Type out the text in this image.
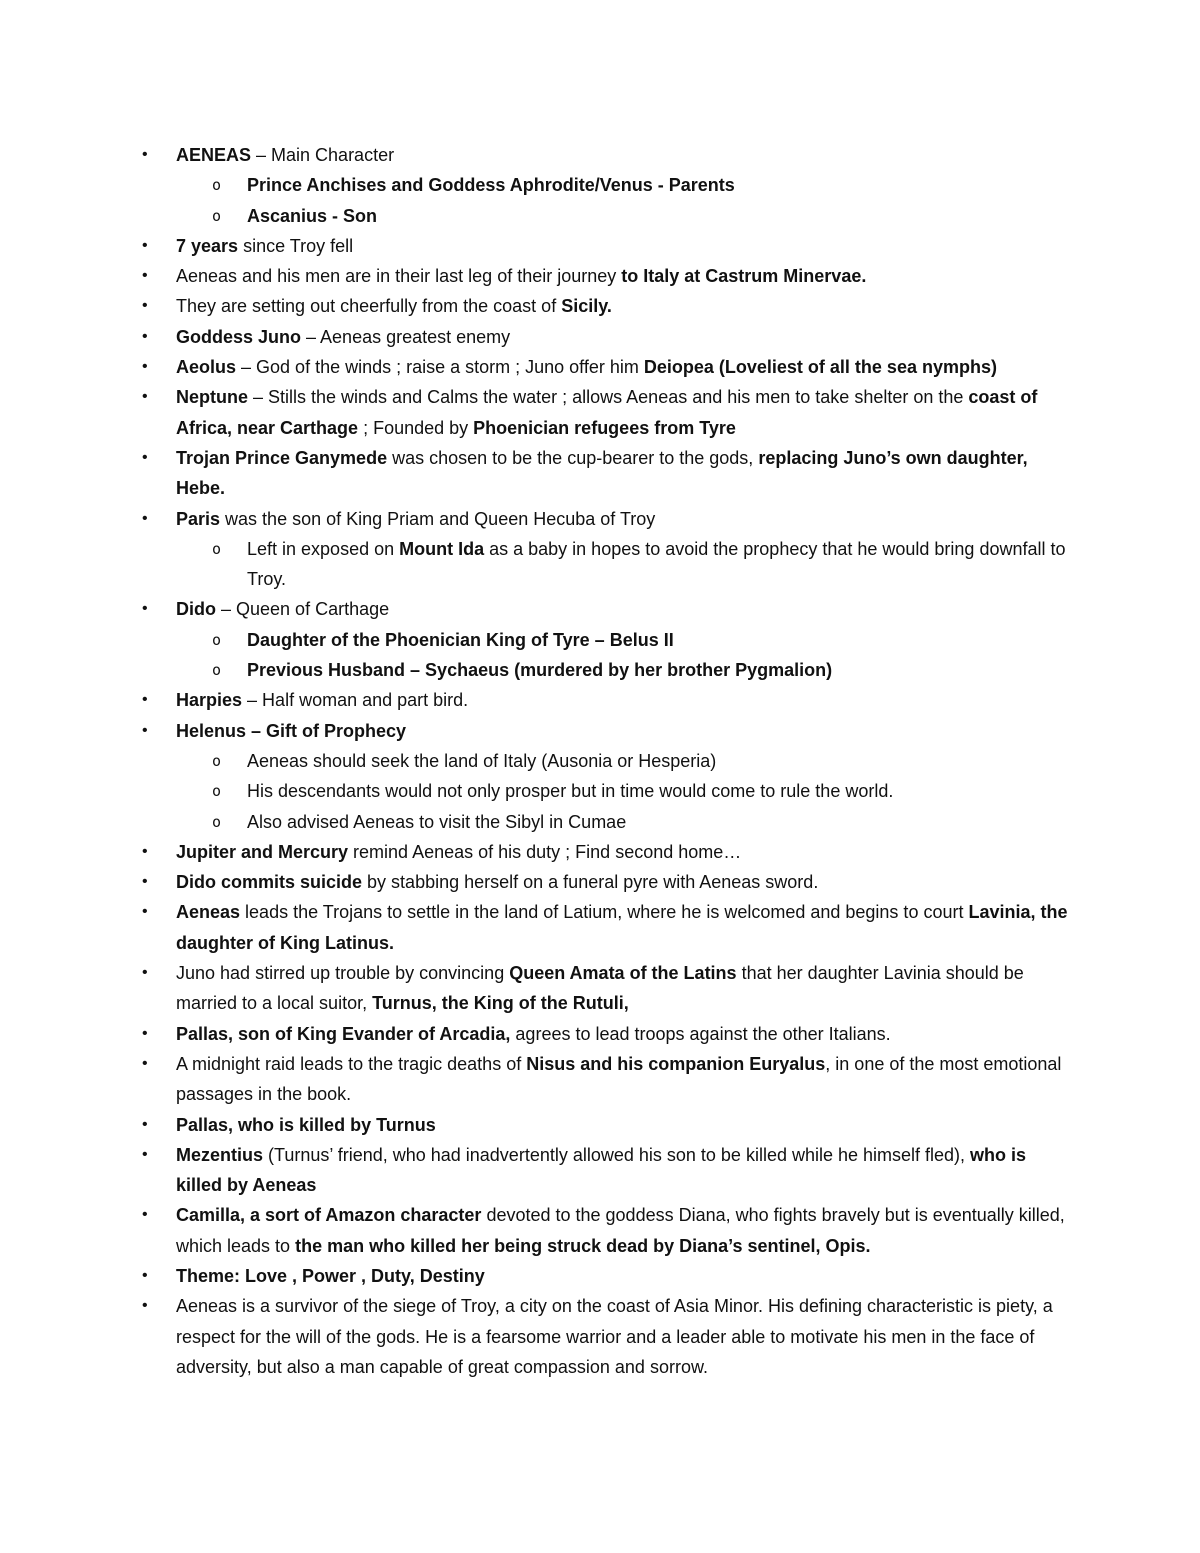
• AENEAS – Main Character
o Prince Anchises and Goddess Aphrodite/Venus - Parents
o Ascanius - Son
• 7 years since Troy fell
• Aeneas and his men are in their last leg of their journey to Italy at Castrum Minervae.
• They are setting out cheerfully from the coast of Sicily.
• Goddess Juno – Aeneas greatest enemy
• Aeolus – God of the winds ; raise a storm ; Juno offer him Deiopea (Loveliest of all the sea nymphs)
• Neptune – Stills the winds and Calms the water ; allows Aeneas and his men to take shelter on the coast of Africa, near Carthage ; Founded by Phoenician refugees from Tyre
• Trojan Prince Ganymede was chosen to be the cup-bearer to the gods, replacing Juno’s own daughter, Hebe.
• Paris was the son of King Priam and Queen Hecuba of Troy
o Left in exposed on Mount Ida as a baby in hopes to avoid the prophecy that he would bring downfall to Troy.
• Dido – Queen of Carthage
o Daughter of the Phoenician King of Tyre – Belus II
o Previous Husband – Sychaeus (murdered by her brother Pygmalion)
• Harpies – Half woman and part bird.
• Helenus – Gift of Prophecy
o Aeneas should seek the land of Italy (Ausonia or Hesperia)
o His descendants would not only prosper but in time would come to rule the world.
o Also advised Aeneas to visit the Sibyl in Cumae
• Jupiter and Mercury remind Aeneas of his duty ; Find second home…
• Dido commits suicide by stabbing herself on a funeral pyre with Aeneas sword.
• Aeneas leads the Trojans to settle in the land of Latium, where he is welcomed and begins to court Lavinia, the daughter of King Latinus.
• Juno had stirred up trouble by convincing Queen Amata of the Latins that her daughter Lavinia should be married to a local suitor, Turnus, the King of the Rutuli,
• Pallas, son of King Evander of Arcadia, agrees to lead troops against the other Italians.
• A midnight raid leads to the tragic deaths of Nisus and his companion Euryalus, in one of the most emotional passages in the book.
• Pallas, who is killed by Turnus
• Mezentius (Turnus’ friend, who had inadvertently allowed his son to be killed while he himself fled), who is killed by Aeneas
• Camilla, a sort of Amazon character devoted to the goddess Diana, who fights bravely but is eventually killed, which leads to the man who killed her being struck dead by Diana’s sentinel, Opis.
• Theme: Love , Power , Duty, Destiny
• Aeneas is a survivor of the siege of Troy, a city on the coast of Asia Minor. His defining characteristic is piety, a respect for the will of the gods. He is a fearsome warrior and a leader able to motivate his men in the face of adversity, but also a man capable of great compassion and sorrow.
